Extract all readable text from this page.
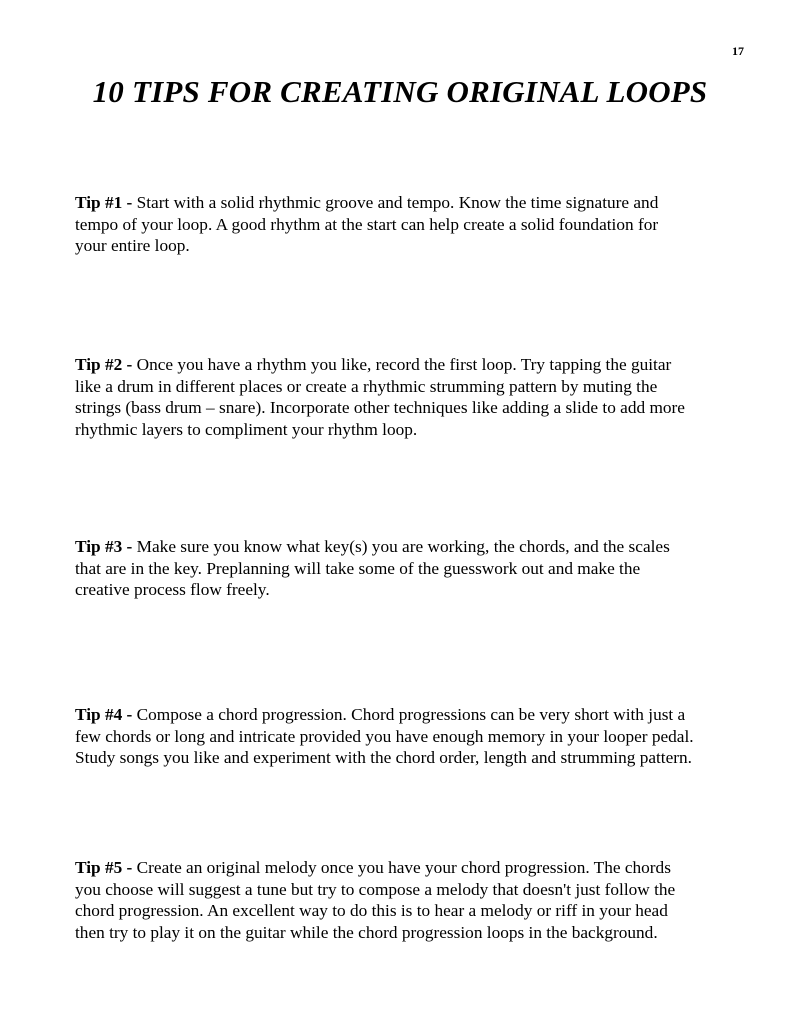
17
10 TIPS FOR CREATING ORIGINAL LOOPS

Tip #1 - Start with a solid rhythmic groove and tempo. Know the time signature and
tempo of your loop. A good rhythm at the start can help create a solid foundation for
your entire loop.

Tip #2 - Once you have a rhythm you like, record the first loop. Try tapping the guitar
like a drum in different places or create a rhythmic strumming pattern by muting the
strings (bass drum – snare). Incorporate other techniques like adding a slide to add more
rhythmic layers to compliment your rhythm loop.

Tip #3 - Make sure you know what key(s) you are working, the chords, and the scales
that are in the key. Preplanning will take some of the guesswork out and make the
creative process flow freely.

Tip #4 - Compose a chord progression. Chord progressions can be very short with just a
few chords or long and intricate provided you have enough memory in your looper pedal.
Study songs you like and experiment with the chord order, length and strumming pattern.

Tip #5 - Create an original melody once you have your chord progression. The chords
you choose will suggest a tune but try to compose a melody that doesn't just follow the
chord progression. An excellent way to do this is to hear a melody or riff in your head
then try to play it on the guitar while the chord progression loops in the background.
